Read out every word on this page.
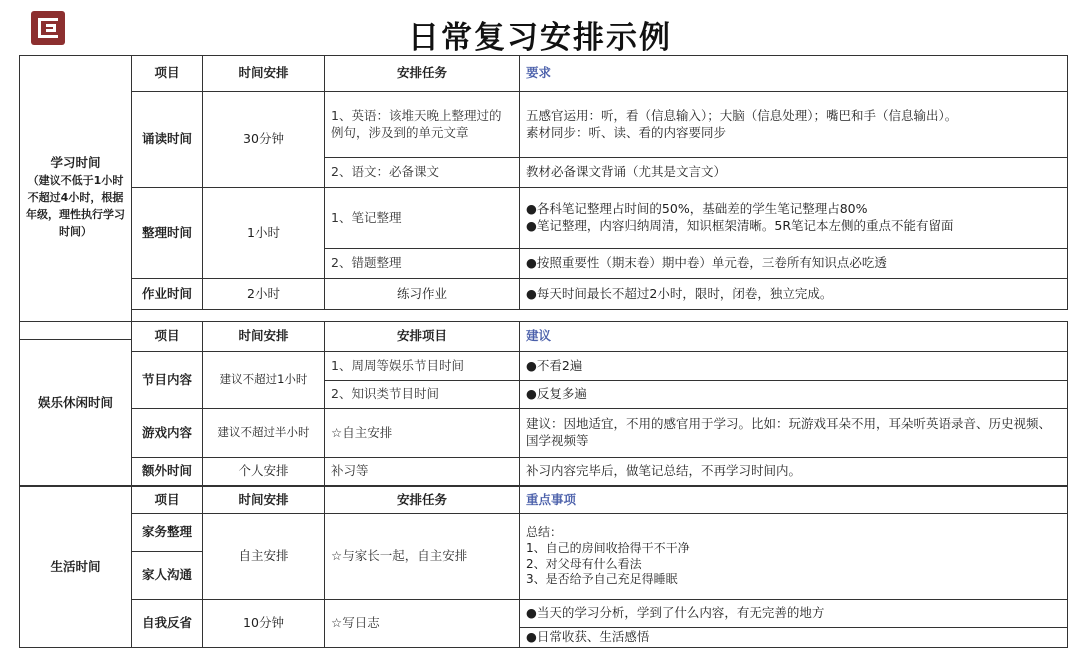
日常复习安排示例
学习时间
（建议不低于1小时不超过4小时，根据年级，理性执行学习时间）	项目	时间安排	安排任务	要求
	诵读时间	30分钟	1、英语：该堆天晚上整理过的例句，涉及到的单元文章	五感官运用：听，看（信息输入）；大脑（信息处理）；嘴巴和手（信息输出）。
素材同步：听、读、看的内容要同步

			2、语文：必备课文	教材必备课文背诵（尤其是文言文）
	整理时间	1小时	1、笔记整理	●各科笔记整理占时间的50%，基础差的学生笔记整理占80%
●笔记整理，内容归纳周清，知识框架清晰。5R笔记本左侧的重点不能有留面

			2、错题整理	●按照重要性（期末卷）期中卷）单元卷，三卷所有知识点必吃透
	作业时间	2小时	练习作业	●每天时间最长不超过2小时，限时，闭卷，独立完成。

娱乐休闲时间	项目	时间安排	安排项目	建议
	节目内容	建议不超过1小时	1、周周等娱乐节目时间	●不看2遍
			2、知识类节目时间	●反复多遍
	游戏内容	建议不超过半小时	☆自主安排	建议：因地适宜，不用的感官用于学习。比如：玩游戏耳朵不用，耳朵听英语录音、历史视频、国学视频等
	额外时间	个人安排	补习等	补习内容完毕后，做笔记总结，不再学习时间内。
生活时间	项目	时间安排	安排任务	重点事项
	家务整理	自主安排	☆与家长一起，自主安排	总结：
1、自己的房间收拾得干不干净
2、对父母有什么看法
3、是否给予自己充足得睡眠

	家人沟通			
	自我反省	10分钟	☆写日志	●当天的学习分析，学到了什么内容，有无完善的地方
				●日常收获、生活感悟
